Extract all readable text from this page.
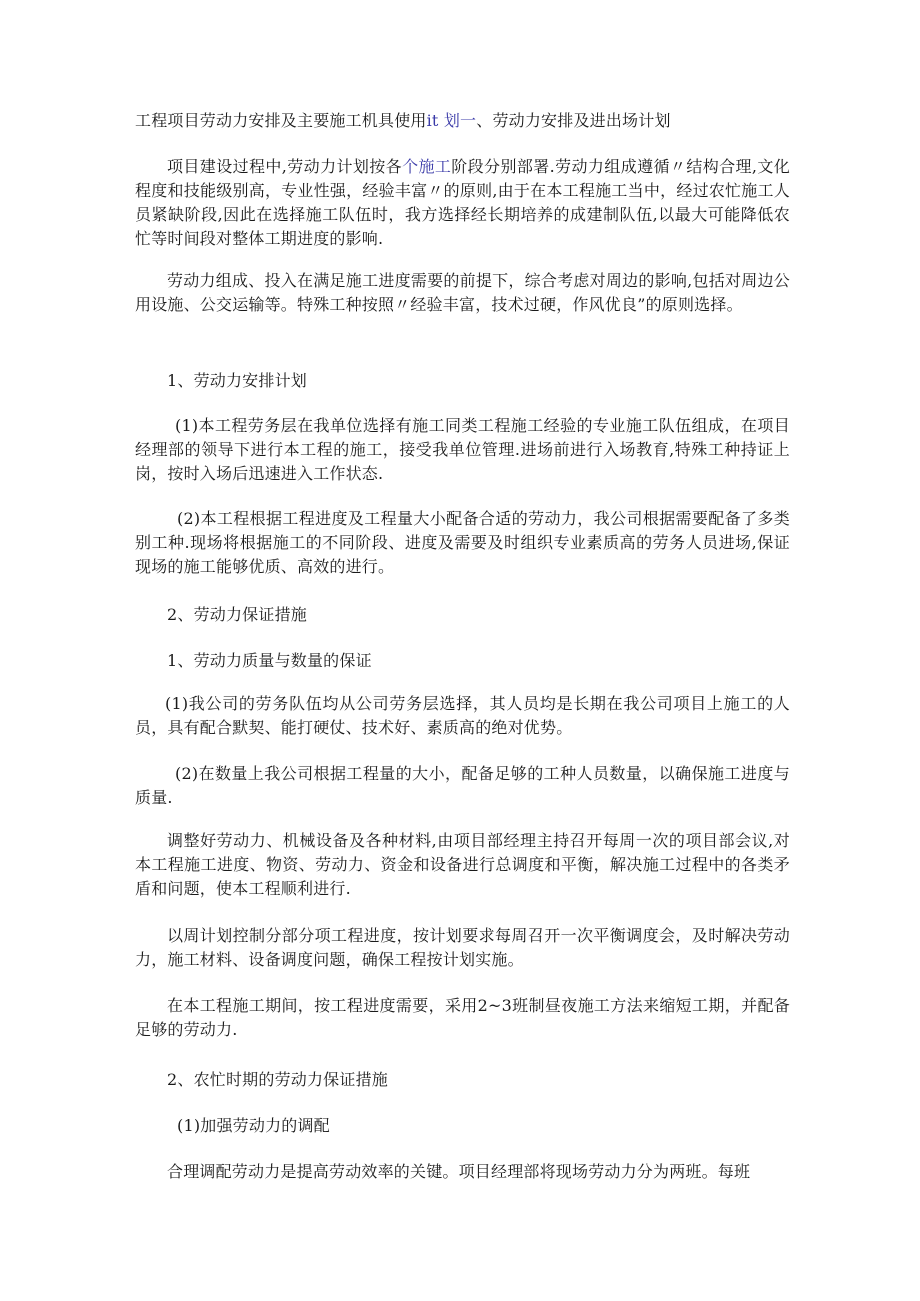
工程项目劳动力安排及主要施工机具使用it 划一、劳动力安排及进出场计划

项目建设过程中,劳动力计划按各个施工阶段分别部署.劳动力组成遵循〃结构合理,文化程度和技能级别高，专业性强，经验丰富〃的原则,由于在本工程施工当中，经过农忙施工人员紧缺阶段,因此在选择施工队伍时，我方选择经长期培养的成建制队伍,以最大可能降低农忙等时间段对整体工期进度的影响.

劳动力组成、投入在满足施工进度需要的前提下，综合考虑对周边的影响,包括对周边公用设施、公交运输等。特殊工种按照〃经验丰富，技术过硬，作风优良”的原则选择。

1、劳动力安排计划

(1)本工程劳务层在我单位选择有施工同类工程施工经验的专业施工队伍组成，在项目经理部的领导下进行本工程的施工，接受我单位管理.进场前进行入场教育,特殊工种持证上岗，按时入场后迅速进入工作状态.

(2)本工程根据工程进度及工程量大小配备合适的劳动力，我公司根据需要配备了多类别工种.现场将根据施工的不同阶段、进度及需要及时组织专业素质高的劳务人员进场,保证现场的施工能够优质、高效的进行。

2、劳动力保证措施

1、劳动力质量与数量的保证

(1)我公司的劳务队伍均从公司劳务层选择，其人员均是长期在我公司项目上施工的人员，具有配合默契、能打硬仗、技术好、素质高的绝对优势。

(2)在数量上我公司根据工程量的大小，配备足够的工种人员数量，以确保施工进度与质量.

调整好劳动力、机械设备及各种材料,由项目部经理主持召开每周一次的项目部会议,对本工程施工进度、物资、劳动力、资金和设备进行总调度和平衡，解决施工过程中的各类矛盾和问题，使本工程顺利进行.

以周计划控制分部分项工程进度，按计划要求每周召开一次平衡调度会，及时解决劳动力，施工材料、设备调度问题，确保工程按计划实施。

在本工程施工期间，按工程进度需要，采用2~3班制昼夜施工方法来缩短工期，并配备足够的劳动力.

2、农忙时期的劳动力保证措施

(1)加强劳动力的调配

合理调配劳动力是提高劳动效率的关键。项目经理部将现场劳动力分为两班。每班
